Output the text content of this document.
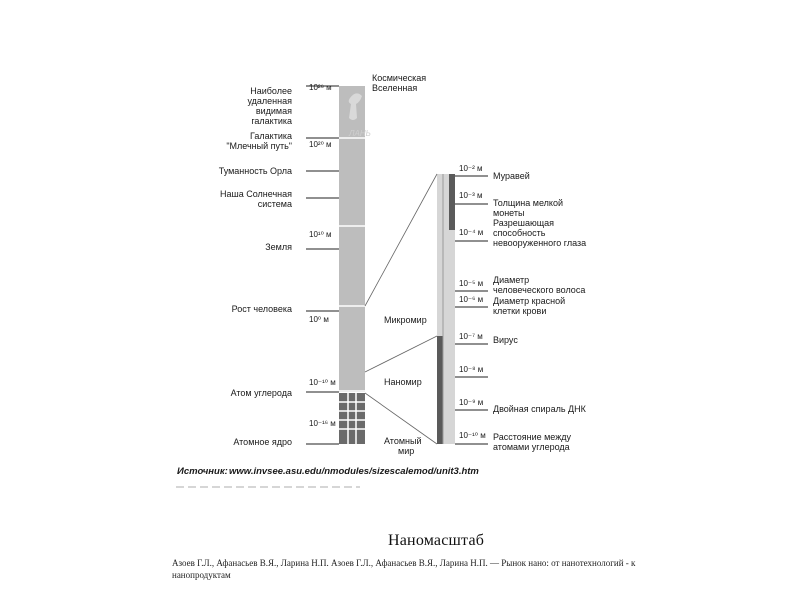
ЛАНЬ
Наиболее удаленная видимая галактика
10²⁶ м
Галактика "Млечный путь" 10²⁰ м
Туманность Орла
Наша Солнечная система
Земля
10¹⁰ м
Рост человека
10⁰ м
Атом углерода
10⁻¹⁰ м
Атомное ядро
10⁻¹⁶ м
Космическая
Вселенная
Микромир
Наномир
Атомный
мир
10⁻² м
Муравей
10⁻³ м
Толщина мелкой монеты
10⁻⁴ м
Разрешающая способность невооруженного глаза
10⁻⁵ м Диаметр человеческого волоса
10⁻⁶ м Диаметр красной клетки крови
10⁻⁷ м Вирус
10⁻⁸ м
10⁻⁹ м
Двойная спираль ДНК
10⁻¹⁰ м Расстояние между атомами углерода
Источник: www.invsee.asu.edu/nmodules/sizescalemod/unit3.htm
Наномасштаб
Азоев Г.Л., Афанасьев В.Я., Ларина Н.П. Азоев Г.Л., Афанасьев В.Я., Ларина Н.П. — Рынок нано: от нанотехнологий - к нанопродуктам
